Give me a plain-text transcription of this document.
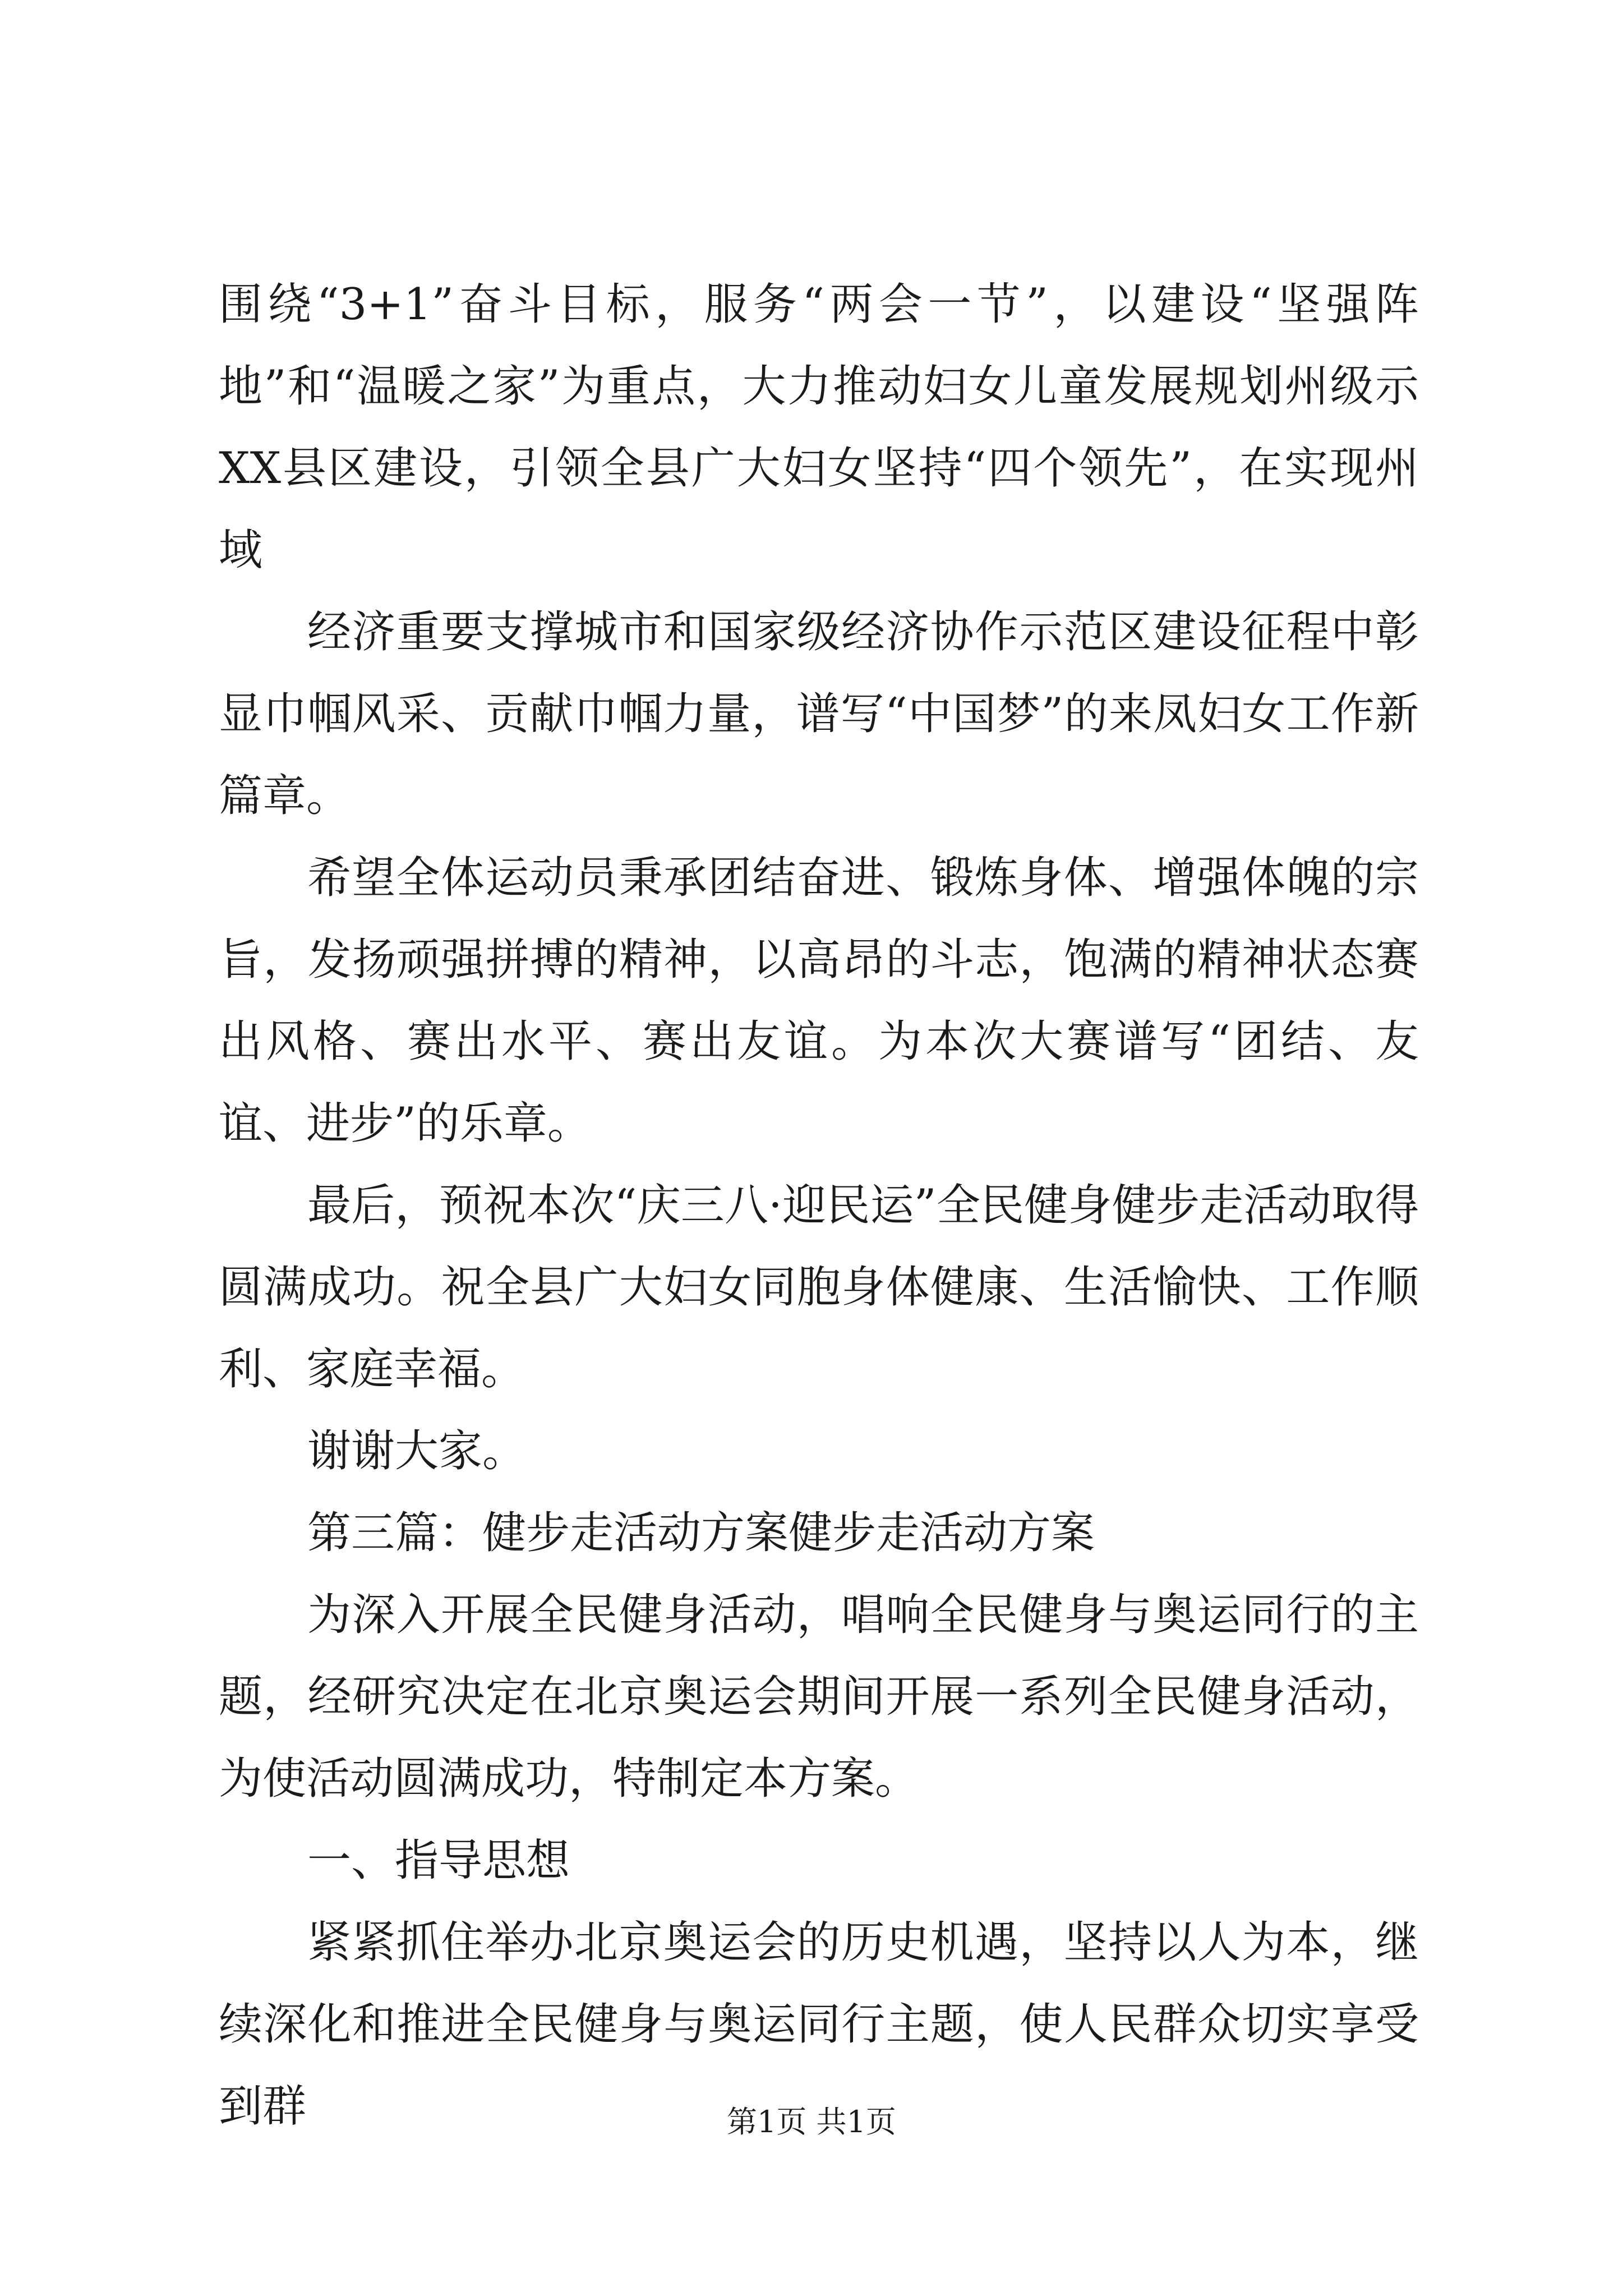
围绕“3+1”奋斗目标，服务“两会一节”，以建设“坚强阵地”和“温暖之家”为重点，大力推动妇女儿童发展规划州级示XX县区建设，引领全县广大妇女坚持“四个领先”，在实现州域

经济重要支撑城市和国家级经济协作示范区建设征程中彰显巾帼风采、贡献巾帼力量，谱写“中国梦”的来凤妇女工作新篇章。

希望全体运动员秉承团结奋进、锻炼身体、增强体魄的宗旨，发扬顽强拼搏的精神，以高昂的斗志，饱满的精神状态赛出风格、赛出水平、赛出友谊。为本次大赛谱写“团结、友谊、进步”的乐章。

最后，预祝本次“庆三八·迎民运”全民健身健步走活动取得圆满成功。祝全县广大妇女同胞身体健康、生活愉快、工作顺利、家庭幸福。

谢谢大家。

第三篇：健步走活动方案健步走活动方案

为深入开展全民健身活动，唱响全民健身与奥运同行的主题，经研究决定在北京奥运会期间开展一系列全民健身活动，为使活动圆满成功，特制定本方案。

一、指导思想

紧紧抓住举办北京奥运会的历史机遇，坚持以人为本，继续深化和推进全民健身与奥运同行主题，使人民群众切实享受到群	第1页 共1页
